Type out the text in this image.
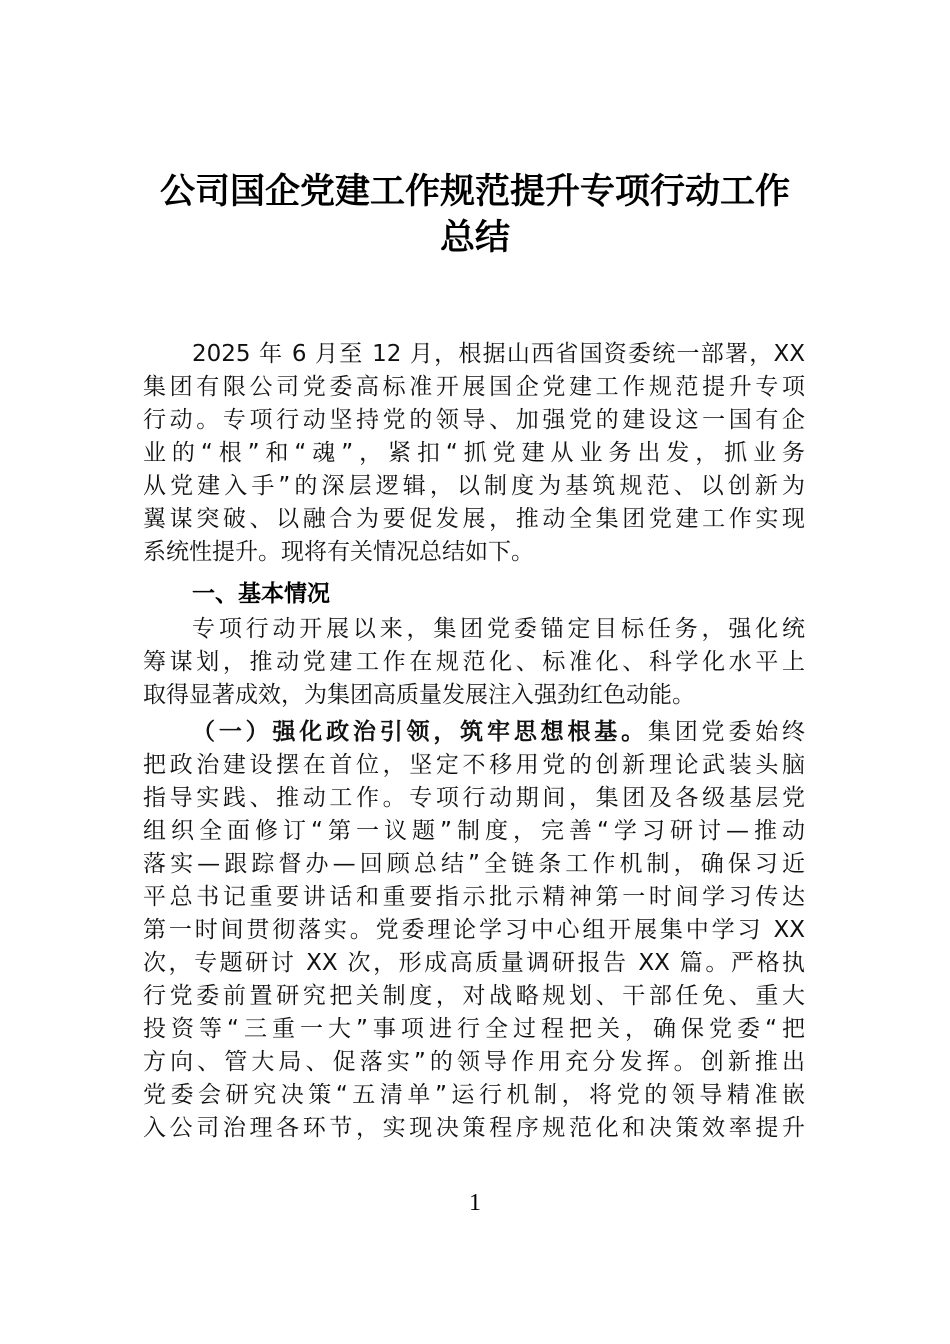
公司国企党建工作规范提升专项行动工作
总结
2025 年 6 月至 12 月，根据山西省国资委统一部署，XX
集团有限公司党委高标准开展国企党建工作规范提升专项
行动。专项行动坚持党的领导、加强党的建设这一国有企
业的“根”和“魂”，紧扣“抓党建从业务出发，抓业务
从党建入手”的深层逻辑，以制度为基筑规范、以创新为
翼谋突破、以融合为要促发展，推动全集团党建工作实现
系统性提升。现将有关情况总结如下。
一、基本情况
专项行动开展以来，集团党委锚定目标任务，强化统
筹谋划，推动党建工作在规范化、标准化、科学化水平上
取得显著成效，为集团高质量发展注入强劲红色动能。
（一）强化政治引领，筑牢思想根基。集团党委始终
把政治建设摆在首位，坚定不移用党的创新理论武装头脑
指导实践、推动工作。专项行动期间，集团及各级基层党
组织全面修订“第一议题”制度，完善“学习研讨—推动
落实—跟踪督办—回顾总结”全链条工作机制，确保习近
平总书记重要讲话和重要指示批示精神第一时间学习传达
第一时间贯彻落实。党委理论学习中心组开展集中学习 XX
次，专题研讨 XX 次，形成高质量调研报告 XX 篇。严格执
行党委前置研究把关制度，对战略规划、干部任免、重大
投资等“三重一大”事项进行全过程把关，确保党委“把
方向、管大局、促落实”的领导作用充分发挥。创新推出
党委会研究决策“五清单”运行机制，将党的领导精准嵌
入公司治理各环节，实现决策程序规范化和决策效率提升
1
